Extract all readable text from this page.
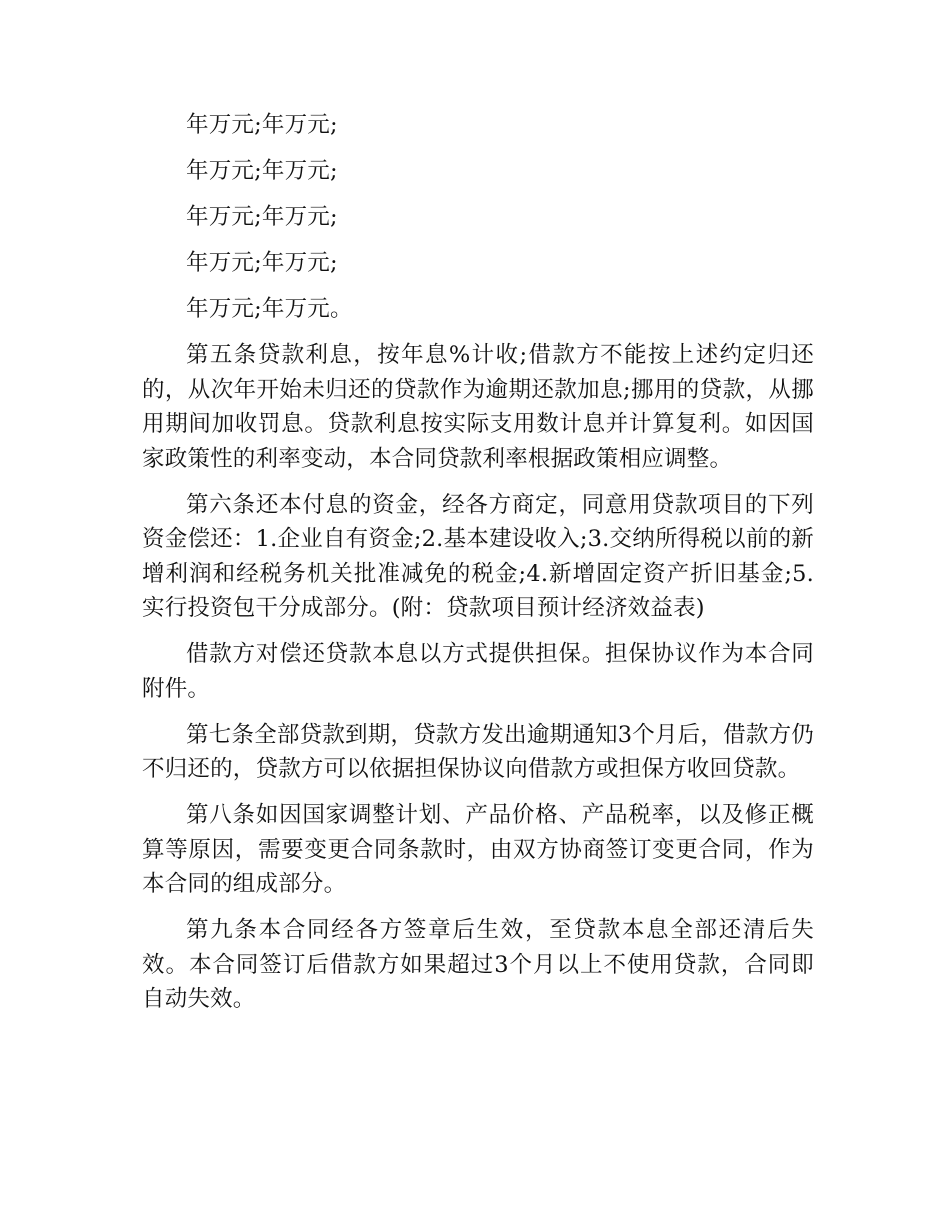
年万元;年万元;

年万元;年万元;

年万元;年万元;

年万元;年万元;

年万元;年万元。

第五条贷款利息，按年息%计收;借款方不能按上述约定归还的，从次年开始未归还的贷款作为逾期还款加息;挪用的贷款，从挪用期间加收罚息。贷款利息按实际支用数计息并计算复利。如因国家政策性的利率变动，本合同贷款利率根据政策相应调整。

第六条还本付息的资金，经各方商定，同意用贷款项目的下列资金偿还：1.企业自有资金;2.基本建设收入;3.交纳所得税以前的新增利润和经税务机关批准减免的税金;4.新增固定资产折旧基金;5.实行投资包干分成部分。(附：贷款项目预计经济效益表)

借款方对偿还贷款本息以方式提供担保。担保协议作为本合同附件。

第七条全部贷款到期，贷款方发出逾期通知3个月后，借款方仍不归还的，贷款方可以依据担保协议向借款方或担保方收回贷款。

第八条如因国家调整计划、产品价格、产品税率，以及修正概算等原因，需要变更合同条款时，由双方协商签订变更合同，作为本合同的组成部分。

第九条本合同经各方签章后生效，至贷款本息全部还清后失效。本合同签订后借款方如果超过3个月以上不使用贷款，合同即自动失效。
